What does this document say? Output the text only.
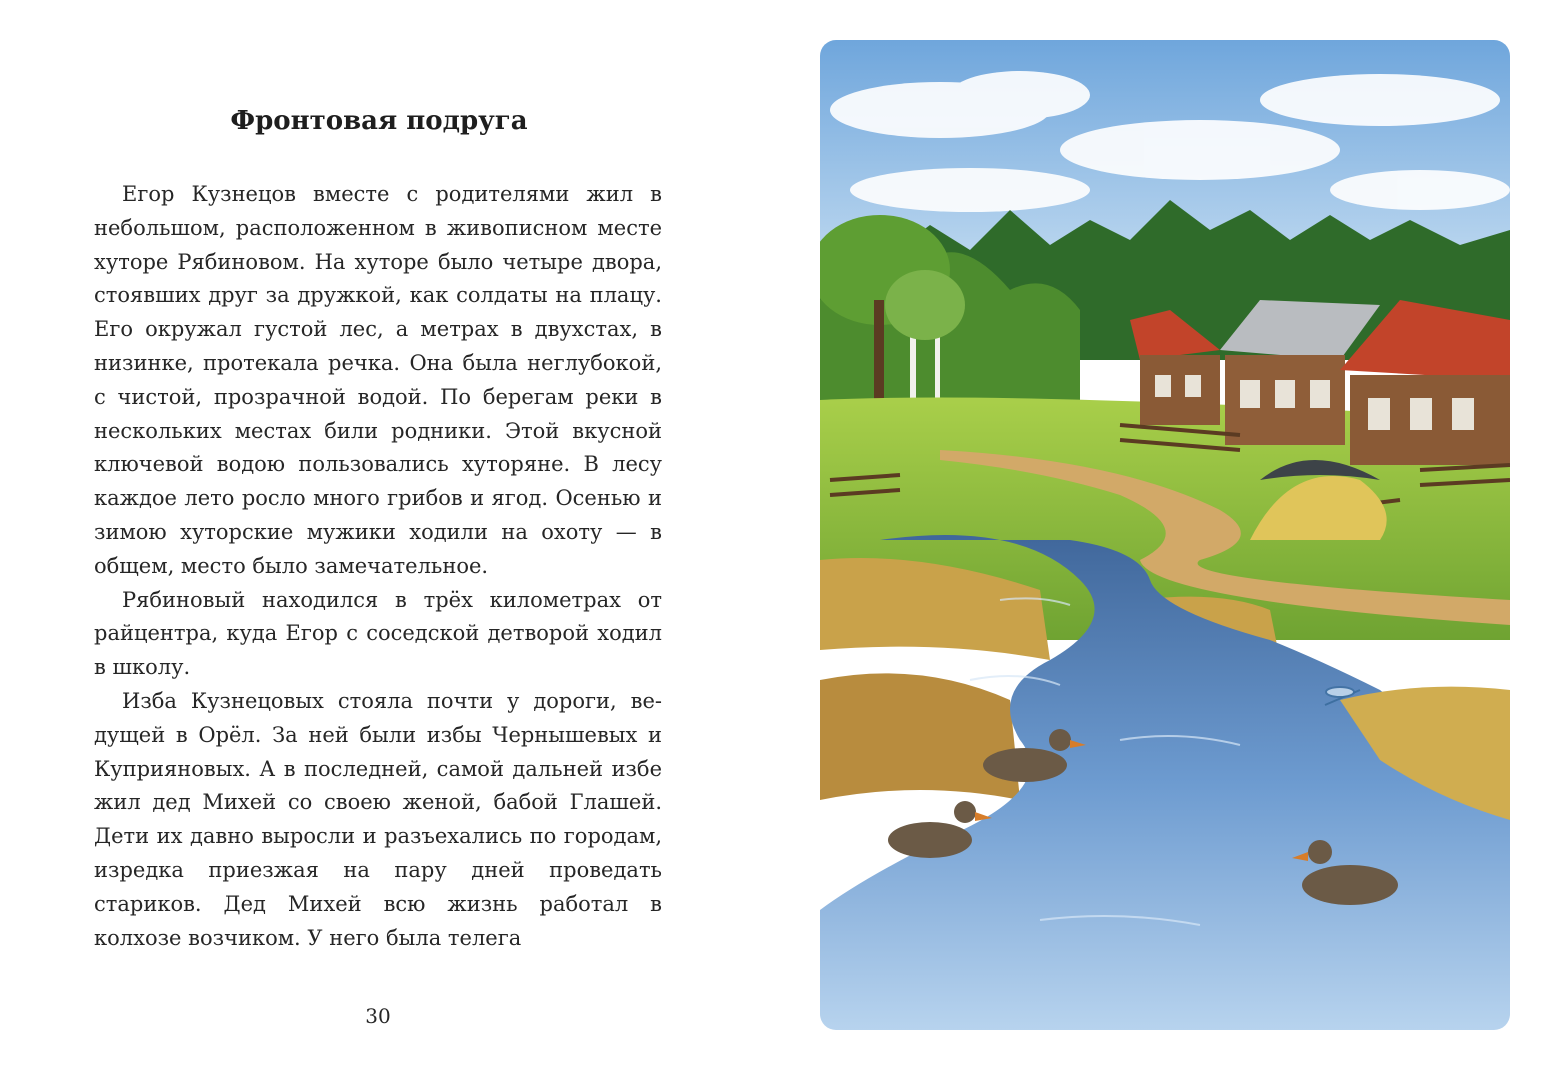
Фронтовая подруга

Егор Кузнецов вместе с родителями жил в небольшом, расположенном в живописном месте хуторе Рябиновом. На хуторе было четыре двора, стоявших друг за дружкой, как солдаты на плацу. Его окружал густой лес, а метрах в двухстах, в низинке, протекала речка. Она была неглубокой, с чистой, прозрачной водой. По берегам реки в нескольких местах били родники. Этой вкусной ключевой водою пользовались хуторяне. В лесу каждое лето росло много грибов и ягод. Осенью и зимою хуторские мужики ходили на охоту — в общем, место было замечательное.

Рябиновый находился в трёх километрах от райцентра, куда Егор с соседской детворой ходил в школу.

Изба Кузнецовых стояла почти у дороги, ведущей в Орёл. За ней были избы Чернышевых и Куприяновых. А в последней, самой дальней избе жил дед Михей со своею женой, бабой Глашей. Дети их давно выросли и разъехались по городам, изредка приезжая на пару дней проведать стариков. Дед Михей всю жизнь работал в колхозе возчиком. У него была телега

30
